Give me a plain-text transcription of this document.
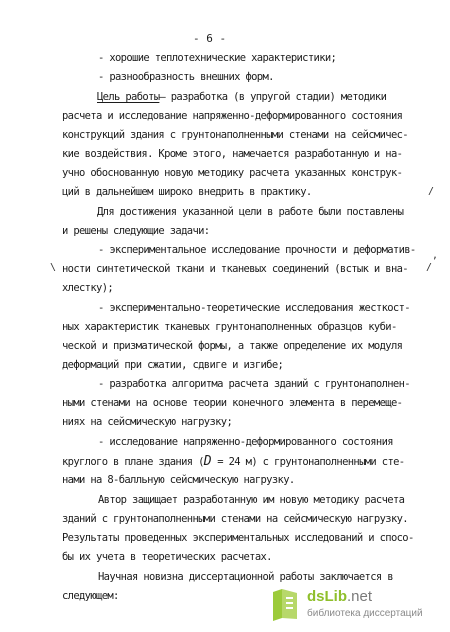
- 6 -
- хорошие теплотехнические характеристики;
- разнообразность внешних форм.
Цель работы– разработка (в упругой стадии) методики
расчета и исследование напряженно-деформированного состояния
конструкций здания с грунтонаполненными стенами на сейсмичес-
кие воздействия. Кроме этого, намечается разработанную и на-
учно обоснованную новую методику расчета указанных конструк-
ций в дальнейшем широко внедрить в практику.
Для достижения указанной цели в работе были поставлены
и решены следующие задачи:
- экспериментальное исследование прочности и деформатив-
ности синтетической ткани и тканевых соединений (встык и вна-
хлестку);
- экспериментально-теоретические исследования жесткост-
ных характеристик тканевых грунтонаполненных образцов куби-
ческой и призматической формы, а также определение их модуля
деформаций при сжатии, сдвиге и изгибе;
- разработка алгоритма расчета зданий с грунтонаполнен-
ными стенами на основе теории конечного элемента в перемеще-
ниях на сейсмическую нагрузку;
- исследование напряженно-деформированного состояния
круглого в плане здания (D = 24 м) с грунтонаполненными сте-
нами на 8-балльную сейсмическую нагрузку.
Автор защищает разработанную им новую методику расчета
зданий с грунтонаполненными стенами на сейсмическую нагрузку.
Результаты проведенных экспериментальных исследований и спосо-
бы их учета в теоретических расчетах.
Научная новизна диссертационной работы заключается в
следующем:
/
,
\	/
dsLib.net
библиотека диссертаций
